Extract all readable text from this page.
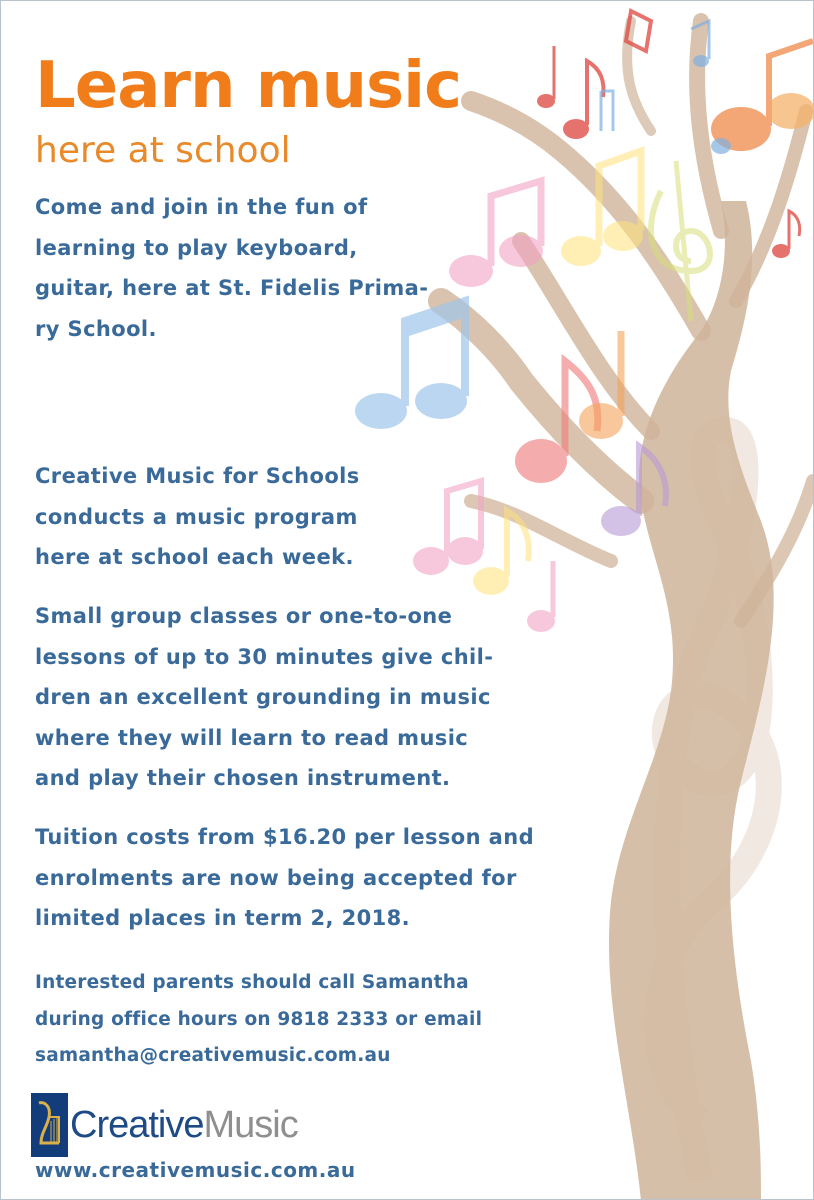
Learn music
here at school

Come and join in the fun of
learning to play keyboard,
guitar, here at St. Fidelis Prima-
ry School.

Creative Music for Schools
conducts a music program
here at school each week.

Small group classes or one-to-one
lessons of up to 30 minutes give chil-
dren an excellent grounding in music
where they will learn to read music
and play their chosen instrument.

Tuition costs from $16.20 per lesson and
enrolments are now being accepted for
limited places in term 2, 2018.

Interested parents should call Samantha
during office hours on 9818 2333 or email
samantha@creativemusic.com.au

CreativeMusic

www.creativemusic.com.au
